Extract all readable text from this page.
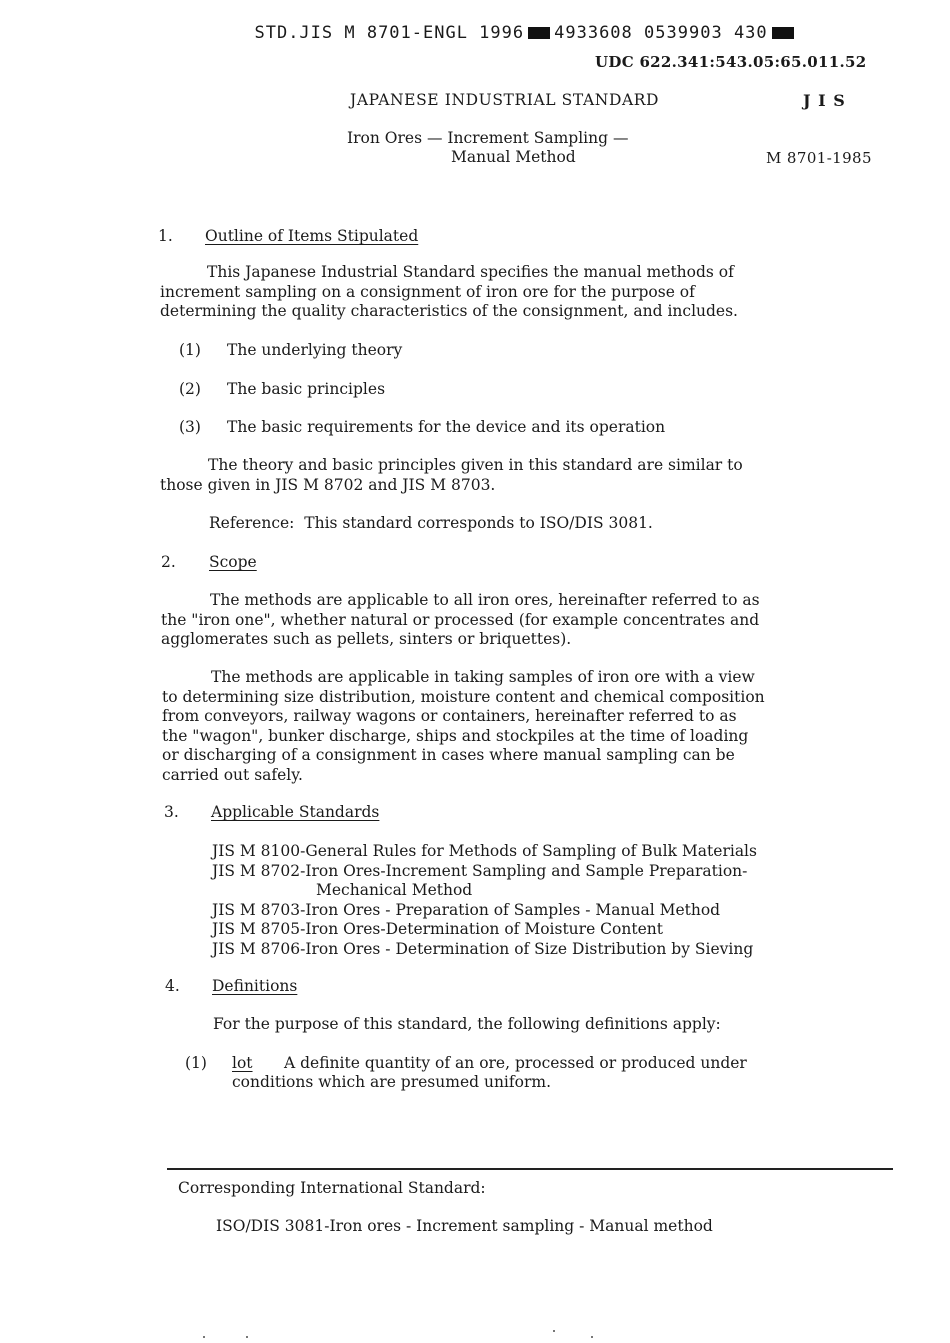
STD.JIS M 8701-ENGL 1996 4933608 0539903 430

UDC 622.341:543.05:65.011.52
JAPANESE INDUSTRIAL STANDARD	J I S
Iron Ores — Increment Sampling —
Manual Method	M 8701-1985
1. Outline of Items Stipulated
This Japanese Industrial Standard specifies the manual methods of
increment sampling on a consignment of iron ore for the purpose of
determining the quality characteristics of the consignment, and includes.
(1) The underlying theory
(2) The basic principles
(3) The basic requirements for the device and its operation
The theory and basic principles given in this standard are similar to
those given in JIS M 8702 and JIS M 8703.
Reference:  This standard corresponds to ISO/DIS 3081.
2. Scope
The methods are applicable to all iron ores, hereinafter referred to as
the "iron one", whether natural or processed (for example concentrates and
agglomerates such as pellets, sinters or briquettes).
The methods are applicable in taking samples of iron ore with a view
to determining size distribution, moisture content and chemical composition
from conveyors, railway wagons or containers, hereinafter referred to as
the "wagon", bunker discharge, ships and stockpiles at the time of loading
or discharging of a consignment in cases where manual sampling can be
carried out safely.
3. Applicable Standards
JIS M 8100-General Rules for Methods of Sampling of Bulk Materials
JIS M 8702-Iron Ores-Increment Sampling and Sample Preparation-
Mechanical Method
JIS M 8703-Iron Ores - Preparation of Samples - Manual Method
JIS M 8705-Iron Ores-Determination of Moisture Content
JIS M 8706-Iron Ores - Determination of Size Distribution by Sieving
4. Definitions
For the purpose of this standard, the following definitions apply:
(1) lot A definite quantity of an ore, processed or produced under
conditions which are presumed uniform.
Corresponding International Standard:
ISO/DIS 3081-Iron ores - Increment sampling - Manual method
